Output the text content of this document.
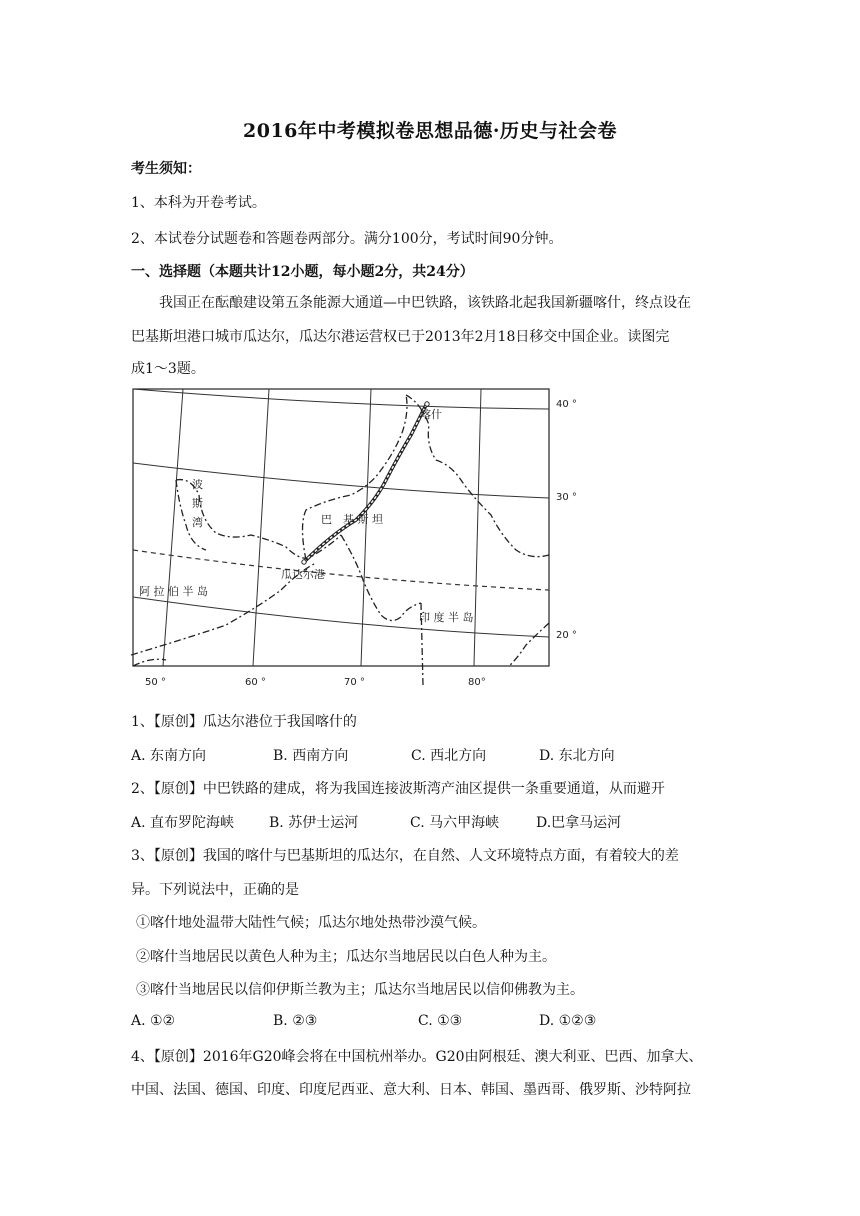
2016年中考模拟卷思想品德·历史与社会卷
考生须知：
1、本科为开卷考试。
2、本试卷分试题卷和答题卷两部分。满分100分，考试时间90分钟。
一、选择题（本题共计12小题，每小题2分，共24分）
我国正在酝酿建设第五条能源大通道—中巴铁路，该铁路北起我国新疆喀什，终点设在
巴基斯坦港口城市瓜达尔，瓜达尔港运营权已于2013年2月18日移交中国企业。读图完
成1～3题。
喀什
波
斯
湾	巴　基 斯 坦
瓜达尔港
阿 拉 伯 半 岛
印 度 半 岛
40 °
30 °
20 °
50 °	60 °	70 °	80°
1、【原创】瓜达尔港位于我国喀什的
A. 东南方向	B. 西南方向	C. 西北方向	D. 东北方向
2、【原创】中巴铁路的建成，将为我国连接波斯湾产油区提供一条重要通道，从而避开
A. 直布罗陀海峡 B. 苏伊士运河	C. 马六甲海峡	D.巴拿马运河
3、【原创】我国的喀什与巴基斯坦的瓜达尔，在自然、人文环境特点方面，有着较大的差
异。下列说法中，正确的是
①喀什地处温带大陆性气候；瓜达尔地处热带沙漠气候。
②喀什当地居民以黄色人种为主；瓜达尔当地居民以白色人种为主。
③喀什当地居民以信仰伊斯兰教为主；瓜达尔当地居民以信仰佛教为主。
A. ①②	B. ②③	C. ①③	D. ①②③
4、【原创】2016年G20峰会将在中国杭州举办。G20由阿根廷、澳大利亚、巴西、加拿大、
中国、法国、德国、印度、印度尼西亚、意大利、日本、韩国、墨西哥、俄罗斯、沙特阿拉
